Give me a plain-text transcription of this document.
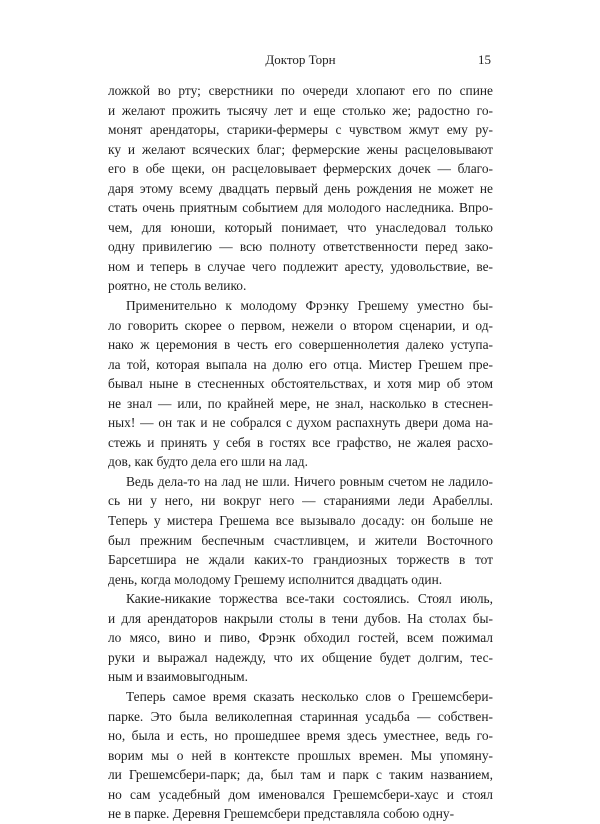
Доктор Торн	15
ложкой во рту; сверстники по очереди хлопают его по спине
и желают прожить тысячу лет и еще столько же; радостно го-
монят арендаторы, старики-фермеры с чувством жмут ему ру-
ку и желают всяческих благ; фермерские жены расцеловывают
его в обе щеки, он расцеловывает фермерских дочек — благо-
даря этому всему двадцать первый день рождения не может не
стать очень приятным событием для молодого наследника. Впро-
чем, для юноши, который понимает, что унаследовал только
одну привилегию — всю полноту ответственности перед зако-
ном и теперь в случае чего подлежит аресту, удовольствие, ве-
роятно, не столь велико.
Применительно к молодому Фрэнку Грешему уместно бы-
ло говорить скорее о первом, нежели о втором сценарии, и од-
нако ж церемония в честь его совершеннолетия далеко уступа-
ла той, которая выпала на долю его отца. Мистер Грешем пре-
бывал ныне в стесненных обстоятельствах, и хотя мир об этом
не знал — или, по крайней мере, не знал, насколько в стеснен-
ных! — он так и не собрался с духом распахнуть двери дома на-
стежь и принять у себя в гостях все графство, не жалея расхо-
дов, как будто дела его шли на лад.
Ведь дела-то на лад не шли. Ничего ровным счетом не ладило-
сь ни у него, ни вокруг него — стараниями леди Арабеллы.
Теперь у мистера Грешема все вызывало досаду: он больше не
был прежним беспечным счастливцем, и жители Восточного
Барсетшира не ждали каких-то грандиозных торжеств в тот
день, когда молодому Грешему исполнится двадцать один.
Какие-никакие торжества все-таки состоялись. Стоял июль,
и для арендаторов накрыли столы в тени дубов. На столах бы-
ло мясо, вино и пиво, Фрэнк обходил гостей, всем пожимал
руки и выражал надежду, что их общение будет долгим, тес-
ным и взаимовыгодным.
Теперь самое время сказать несколько слов о Грешемсбери-
парке. Это была великолепная старинная усадьба — собствен-
но, была и есть, но прошедшее время здесь уместнее, ведь го-
ворим мы о ней в контексте прошлых времен. Мы упомяну-
ли Грешемсбери-парк; да, был там и парк с таким названием,
но сам усадебный дом именовался Грешемсбери-хаус и стоял
не в парке. Деревня Грешемсбери представляла собою одну-
